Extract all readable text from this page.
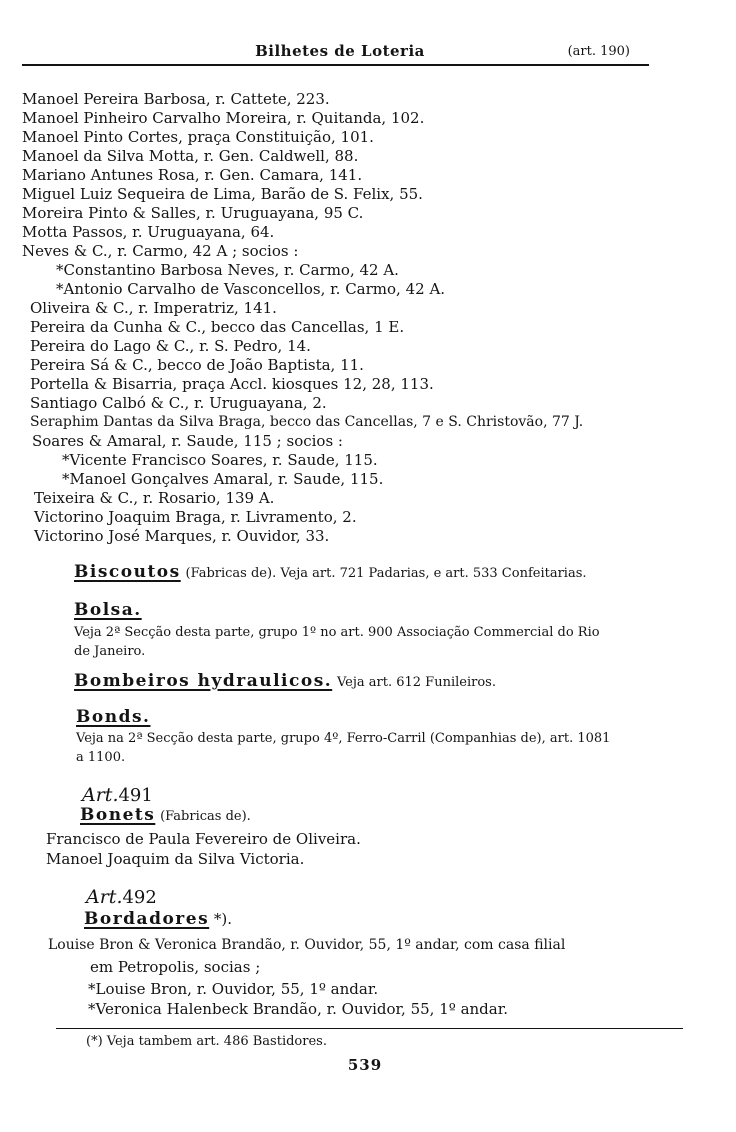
Bilhetes de Loteria	(art. 190)
Manoel Pereira Barbosa, r. Cattete, 223.
Manoel Pinheiro Carvalho Moreira, r. Quitanda, 102.
Manoel Pinto Cortes, praça Constituição, 101.
Manoel da Silva Motta, r. Gen. Caldwell, 88.
Mariano Antunes Rosa, r. Gen. Camara, 141.
Miguel Luiz Sequeira de Lima, Barão de S. Felix, 55.
Moreira Pinto & Salles, r. Uruguayana, 95 C.
Motta Passos, r. Uruguayana, 64.
Neves & C., r. Carmo, 42 A ; socios :
*Constantino Barbosa Neves, r. Carmo, 42 A.
*Antonio Carvalho de Vasconcellos, r. Carmo, 42 A.
Oliveira & C., r. Imperatriz, 141.
Pereira da Cunha & C., becco das Cancellas, 1 E.
Pereira do Lago & C., r. S. Pedro, 14.
Pereira Sá & C., becco de João Baptista, 11.
Portella & Bisarria, praça Accl. kiosques 12, 28, 113.
Santiago Calbó & C., r. Uruguayana, 2.
Seraphim Dantas da Silva Braga, becco das Cancellas, 7 e S. Christovão, 77 J.
Soares & Amaral, r. Saude, 115 ; socios :
*Vicente Francisco Soares, r. Saude, 115.
*Manoel Gonçalves Amaral, r. Saude, 115.
Teixeira & C., r. Rosario, 139 A.
Victorino Joaquim Braga, r. Livramento, 2.
Victorino José Marques, r. Ouvidor, 33.
Biscoutos (Fabricas de). Veja art. 721 Padarias, e art. 533 Confeitarias.
Bolsa.
Veja 2ª Secção desta parte, grupo 1º no art. 900 Associação Commercial do Rio
de Janeiro.
Bombeiros hydraulicos. Veja art. 612 Funileiros.
Bonds.
Veja na 2ª Secção desta parte, grupo 4º, Ferro-Carril (Companhias de), art. 1081
a 1100.
Art.491
Bonets (Fabricas de).
Francisco de Paula Fevereiro de Oliveira.
Manoel Joaquim da Silva Victoria.
Art.492
Bordadores *).
Louise Bron & Veronica Brandão, r. Ouvidor, 55, 1º andar, com casa filial
em Petropolis, socias ;
*Louise Bron, r. Ouvidor, 55, 1º andar.
*Veronica Halenbeck Brandão, r. Ouvidor, 55, 1º andar.
(*) Veja tambem art. 486 Bastidores.
539
